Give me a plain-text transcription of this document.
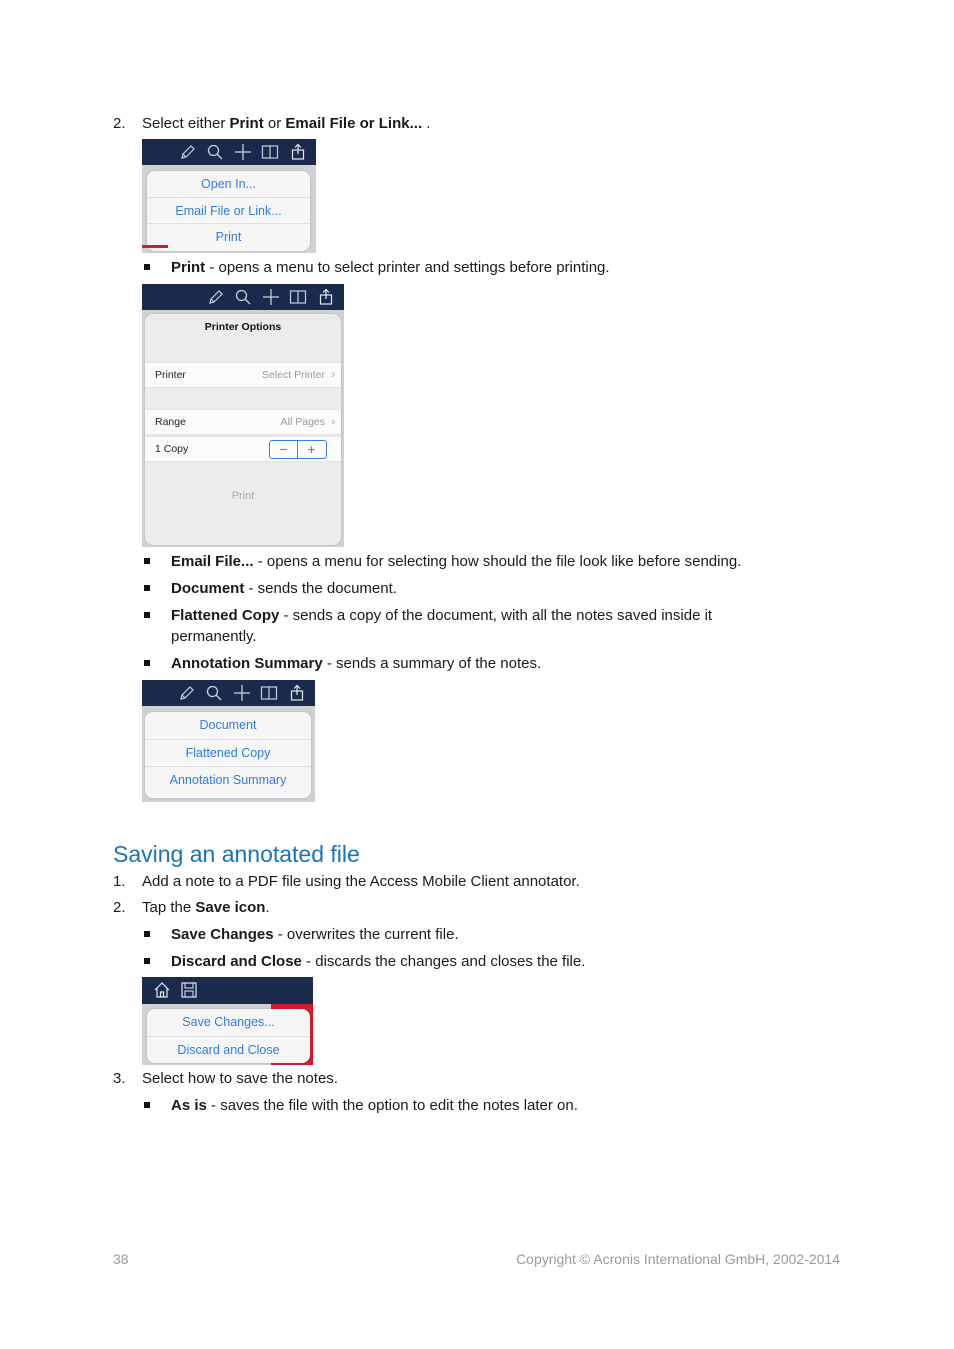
2. Select either Print or Email File or Link... .
Open In...
Email File or Link...
Print
Print - opens a menu to select printer and settings before printing.
Printer Options
Printer	Select Printer ›
Range	All Pages ›
1 Copy	−	+
Print
Email File... - opens a menu for selecting how should the file look like before sending.
Document - sends the document.
Flattened Copy - sends a copy of the document, with all the notes saved inside it
permanently.
Annotation Summary - sends a summary of the notes.
Document
Flattened Copy
Annotation Summary
Saving an annotated file
1. Add a note to a PDF file using the Access Mobile Client annotator.
2. Tap the Save icon.
Save Changes - overwrites the current file.
Discard and Close - discards the changes and closes the file.
Save Changes...
Discard and Close
3. Select how to save the notes.
As is - saves the file with the option to edit the notes later on.
38	Copyright © Acronis International GmbH, 2002-2014
